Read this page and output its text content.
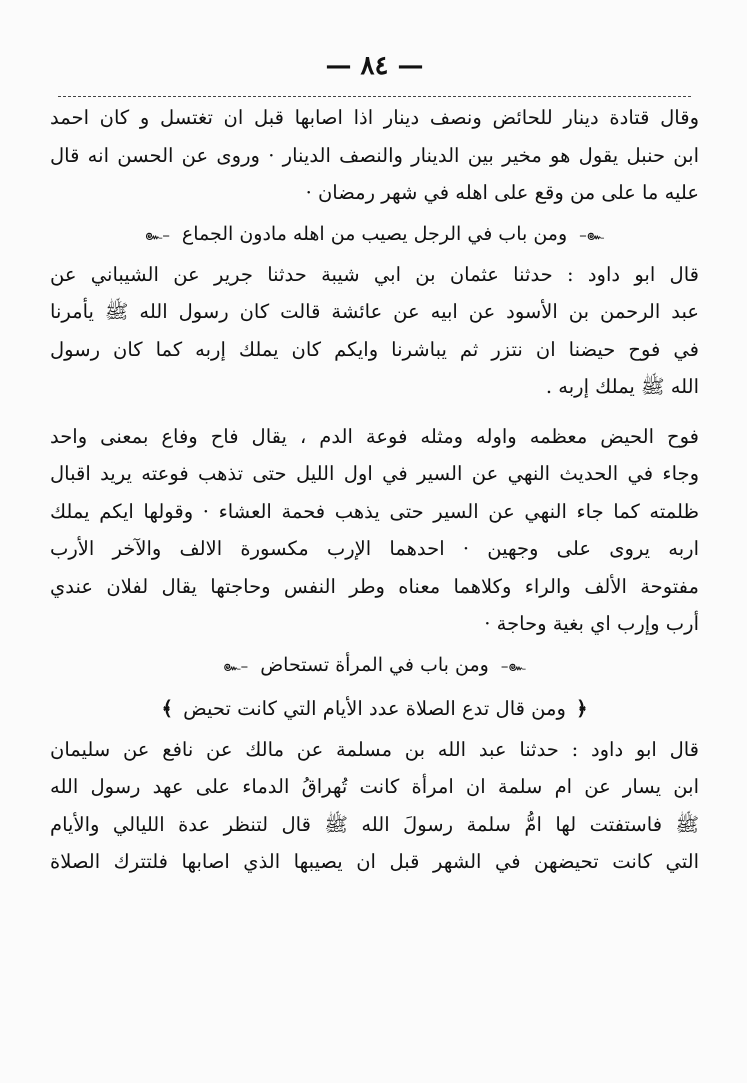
— ٨٤ —
وقال قتادة دينار للحائض ونصف دينار اذا اصابها قبل ان تغتسل و كان احمد
ابن حنبل يقول هو مخير بين الدينار والنصف الدينار · وروى عن الحسن انه قال
عليه ما على من وقع على اهله في شهر رمضان ·
๛– ومن باب في الرجل يصيب من اهله مادون الجماع –๛
قال ابو داود : حدثنا عثمان بن ابي شيبة حدثنا جرير عن الشيباني عن
عبد الرحمن بن الأسود عن ابيه عن عائشة قالت كان رسول الله ﷺ يأمرنا
في فوح حيضنا ان نتزر ثم يباشرنا وايكم كان يملك إربه كما كان رسول
الله ﷺ يملك إربه .
فوح الحيض معظمه واوله ومثله فوعة الدم ، يقال فاح وفاع بمعنى واحد
وجاء في الحديث النهي عن السير في اول الليل حتى تذهب فوعته يريد اقبال
ظلمته كما جاء النهي عن السير حتى يذهب فحمة العشاء · وقولها ايكم يملك
اربه يروى على وجهين · احدهما الإرب مكسورة الالف والآخر الأرب
مفتوحة الألف والراء وكلاهما معناه وطر النفس وحاجتها يقال لفلان عندي
أرب وإرب اي بغية وحاجة ·
๛– ومن باب في المرأة تستحاض –๛
﴿ ومن قال تدع الصلاة عدد الأيام التي كانت تحيض ﴾
قال ابو داود : حدثنا عبد الله بن مسلمة عن مالك عن نافع عن سليمان
ابن يسار عن ام سلمة ان امرأة كانت تُهراقُ الدماء على عهد رسول الله
ﷺ فاستفتت لها امُّ سلمة رسولَ الله ﷺ قال لتنظر عدة الليالي والأيام
التي كانت تحيضهن في الشهر قبل ان يصيبها الذي اصابها فلتترك الصلاة
